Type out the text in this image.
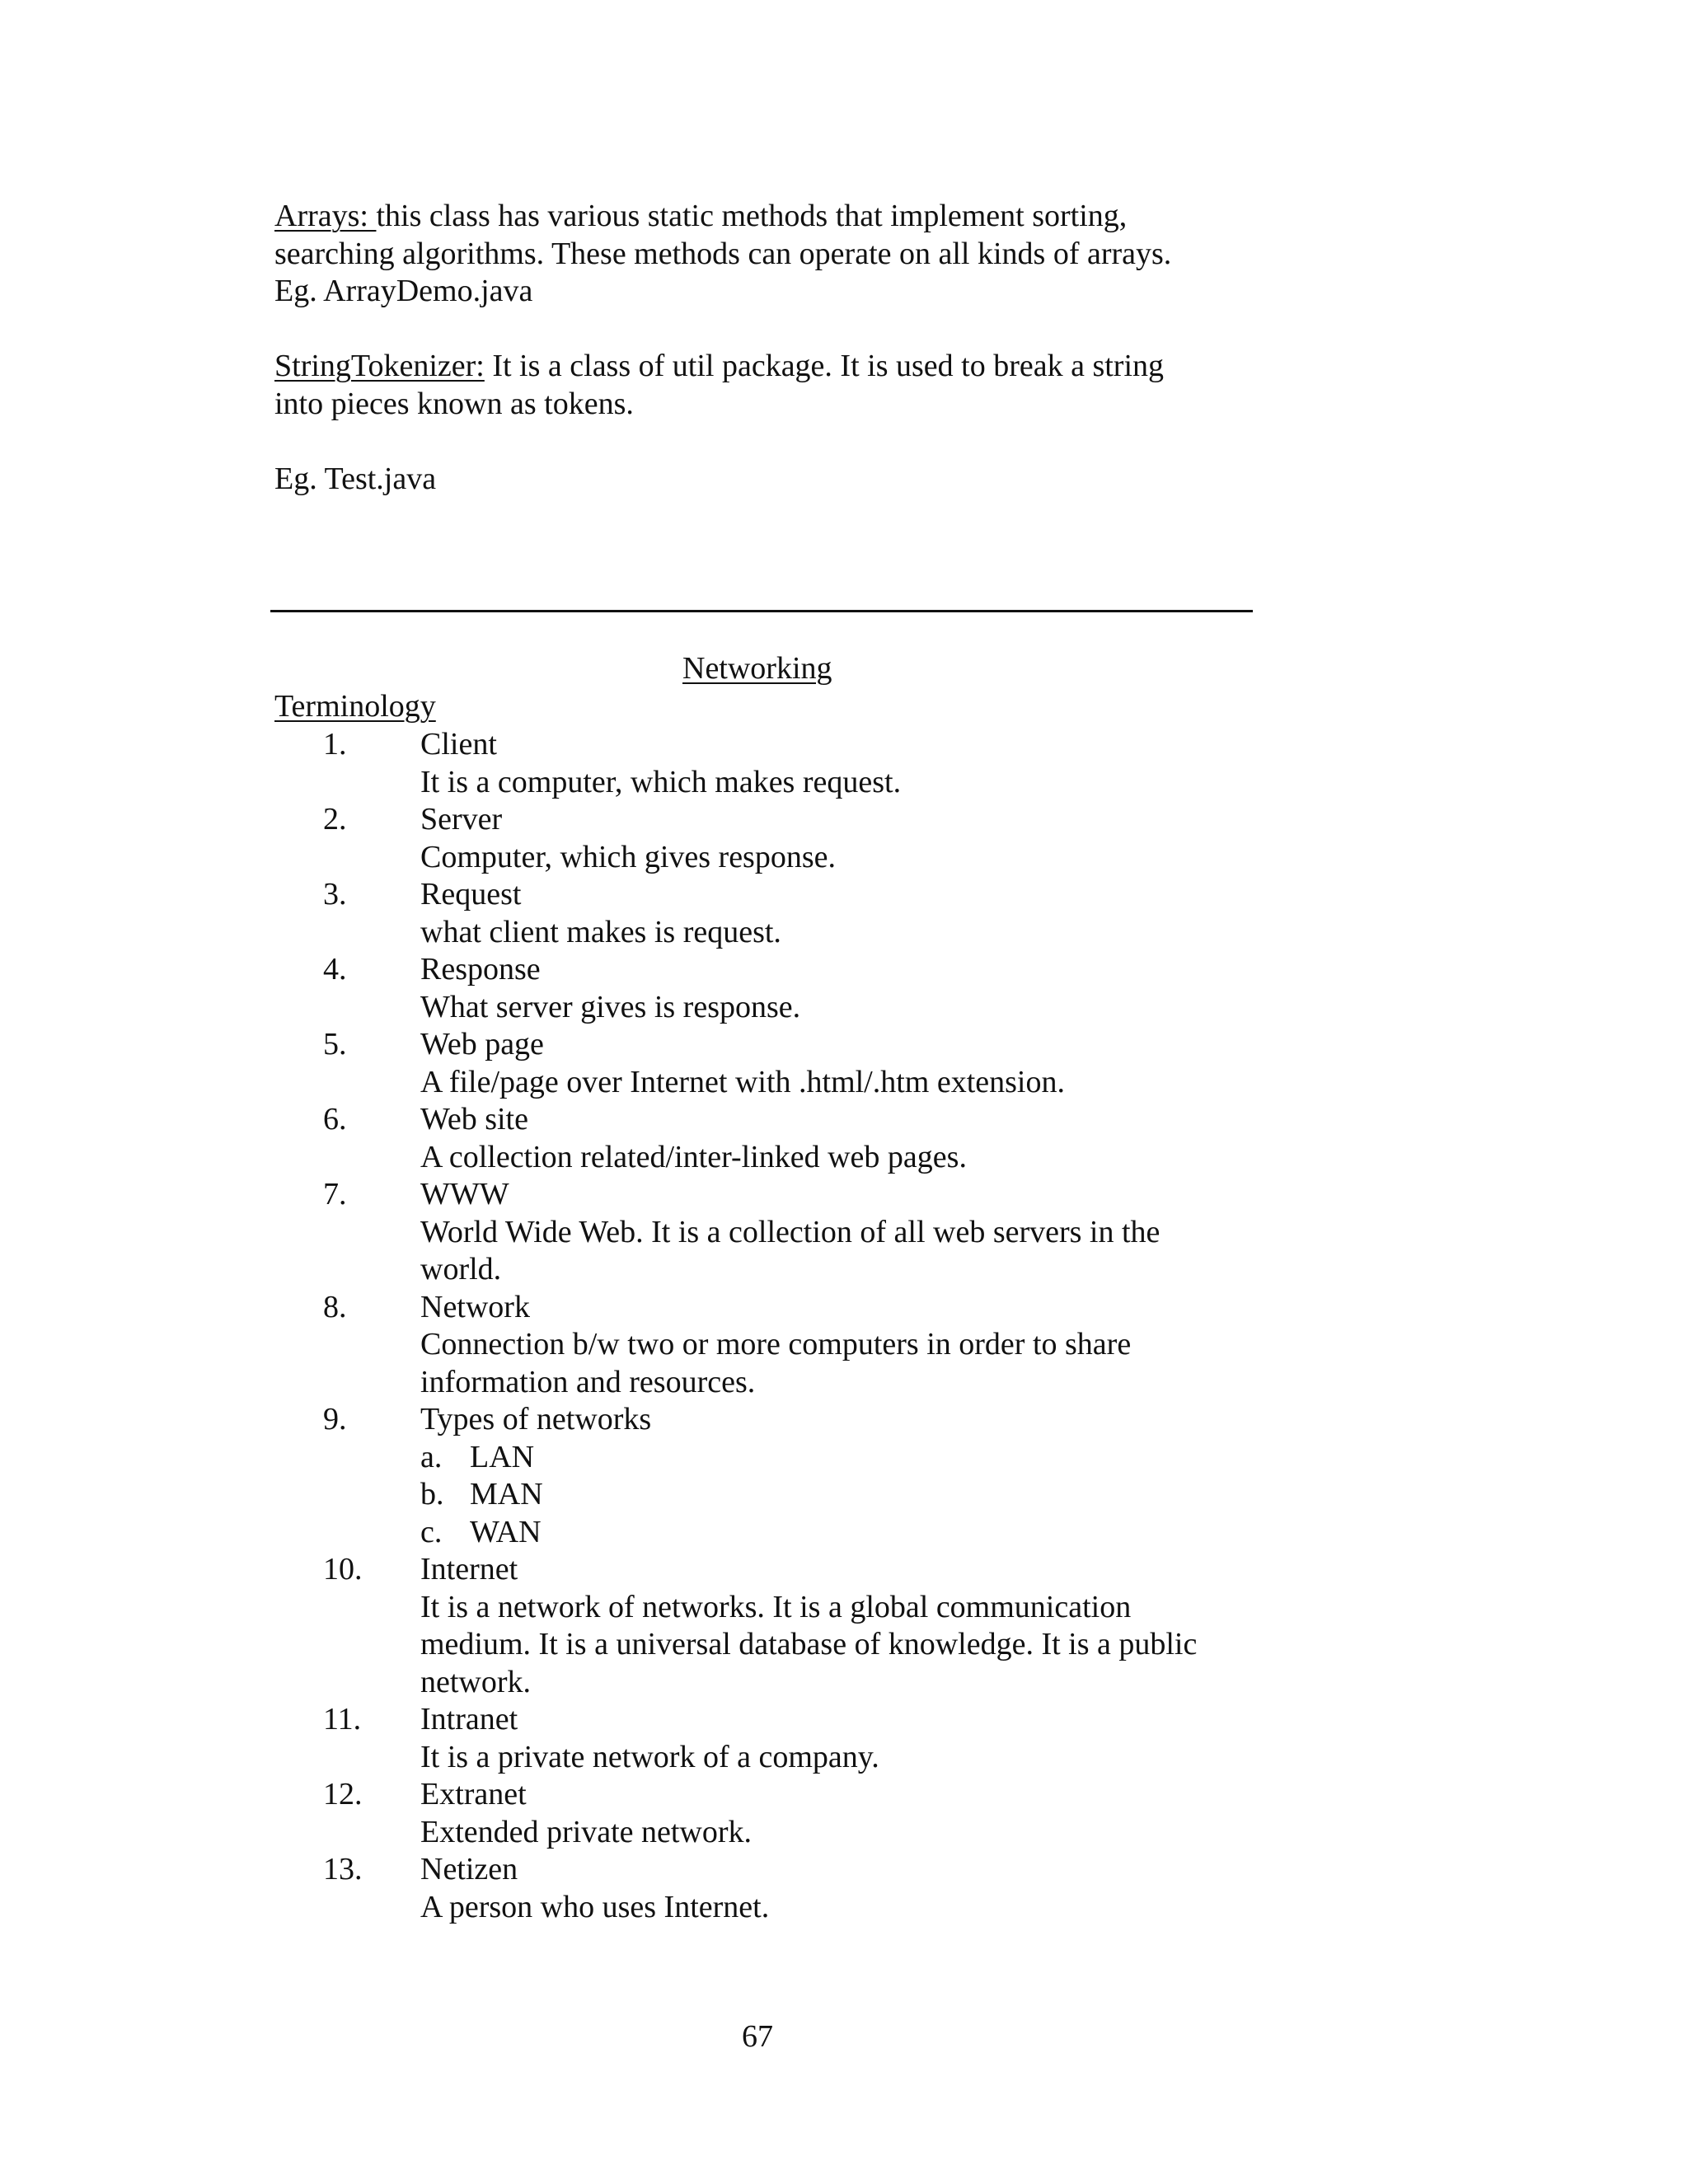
Arrays: this class has various static methods that implement sorting,
searching algorithms. These methods can operate on all kinds of arrays.
Eg. ArrayDemo.java
StringTokenizer: It is a class of util package. It is used to break a string
into pieces known as tokens.
Eg. Test.java
Networking
Terminology
1. Client
It is a computer, which makes request.
2. Server
Computer, which gives response.
3. Request
what client makes is request.
4. Response
What server gives is response.
5. Web page
A file/page over Internet with .html/.htm extension.
6. Web site
A collection related/inter-linked web pages.
7. WWW
World Wide Web. It is a collection of all web servers in the
world.
8. Network
Connection b/w two or more computers in order to share
information and resources.
9. Types of networks
a. LAN
b. MAN
c. WAN
10. Internet
It is a network of networks. It is a global communication
medium. It is a universal database of knowledge. It is a public
network.
11. Intranet
It is a private network of a company.
12. Extranet
Extended private network.
13. Netizen
A person who uses Internet.
67
